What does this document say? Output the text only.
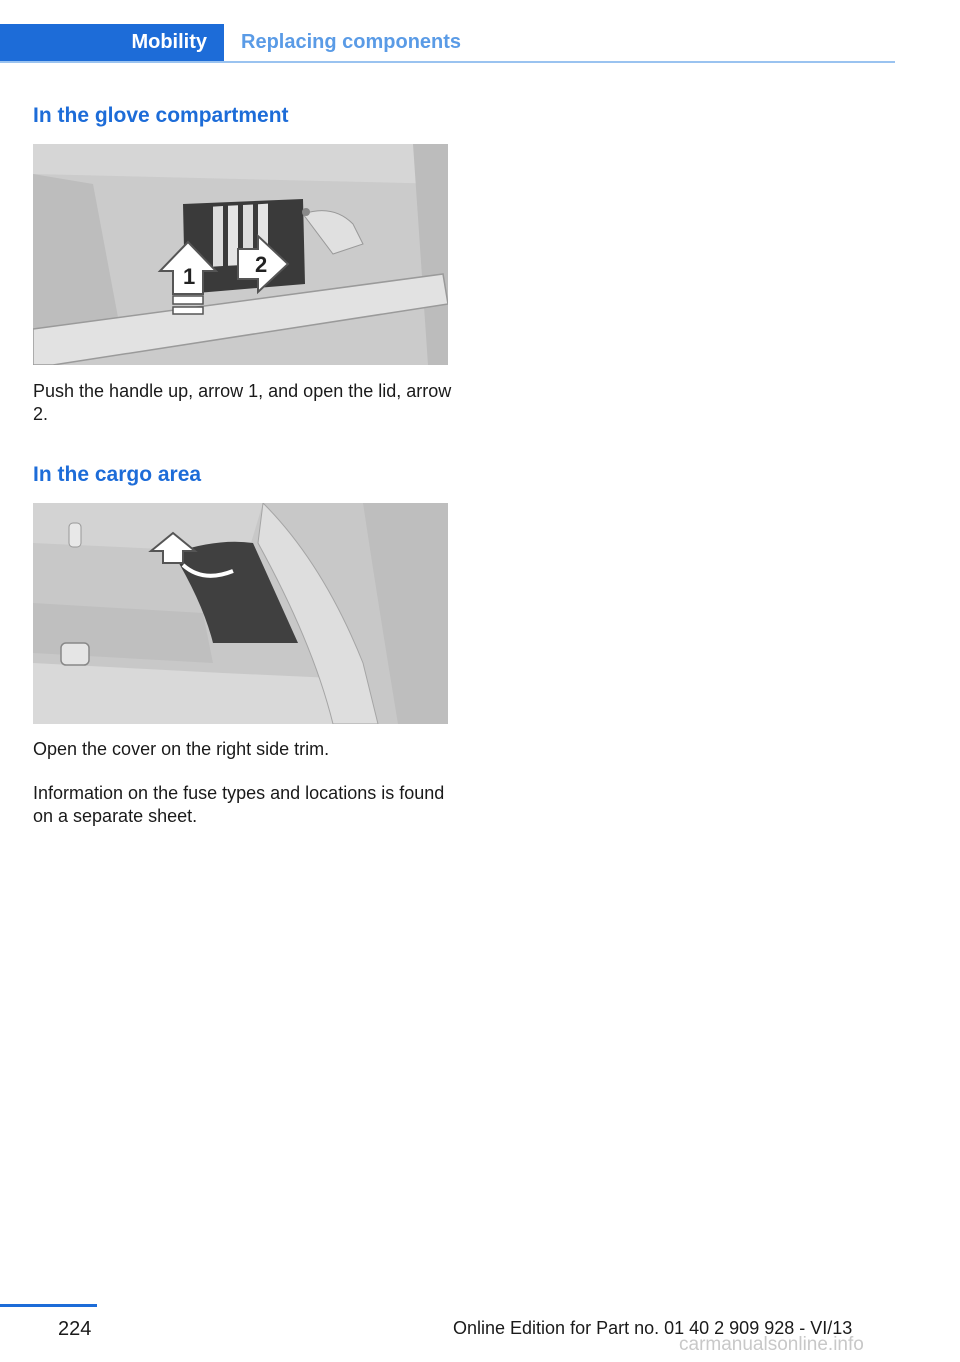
Mobility Replacing components
In the glove compartment
1	2

Push the handle up, arrow 1, and open the lid, arrow 2.

In the cargo area

Open the cover on the right side trim.

Information on the fuse types and locations is found on a separate sheet.

224	Online Edition for Part no. 01 40 2 909 928 - VI/13
carmanualsonline.info
